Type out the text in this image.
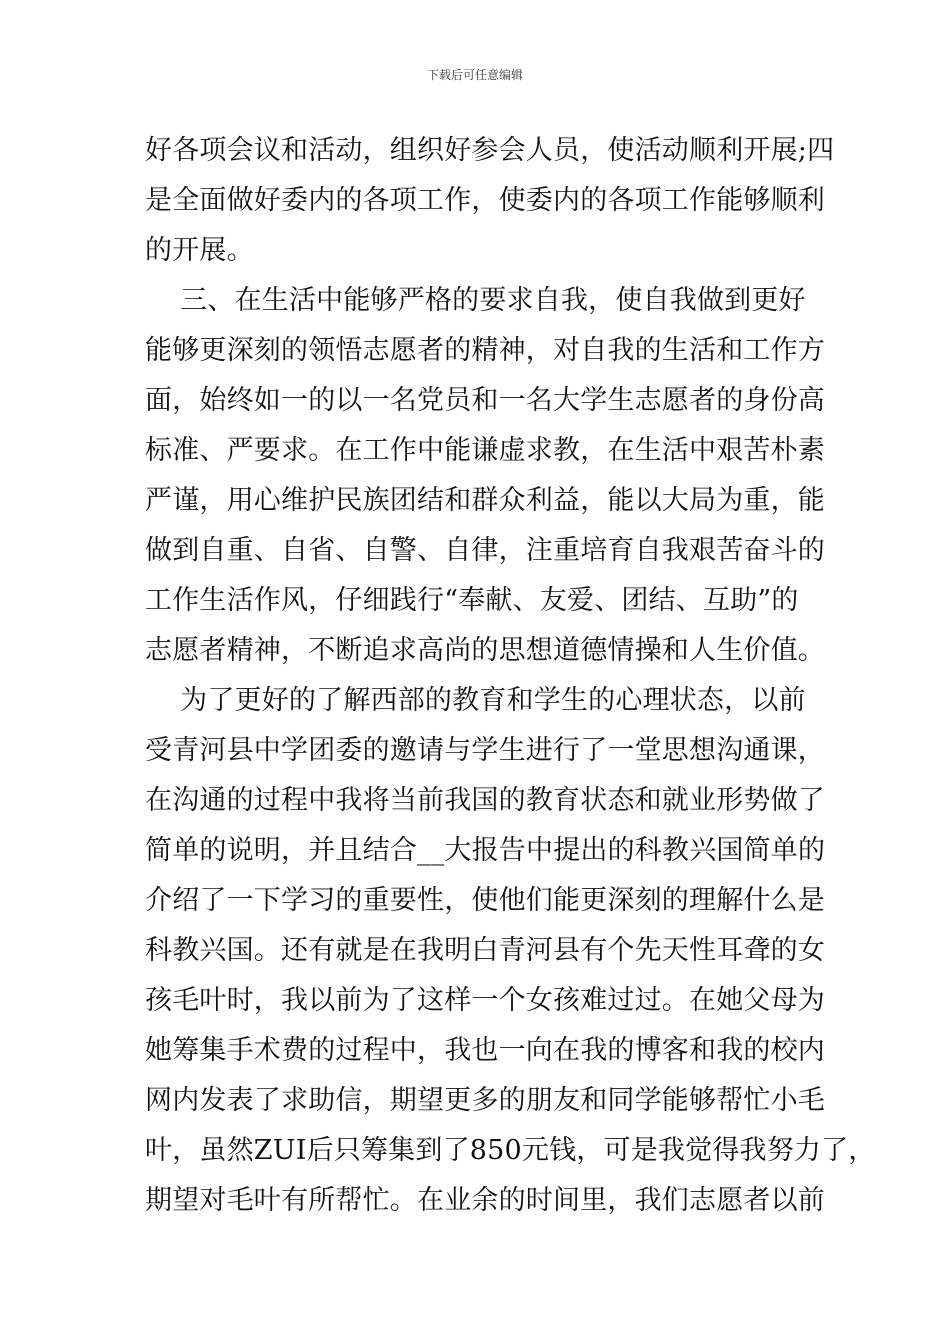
下载后可任意编辑
好各项会议和活动，组织好参会人员，使活动顺利开展;四
是全面做好委内的各项工作，使委内的各项工作能够顺利
的开展。
三、在生活中能够严格的要求自我，使自我做到更好
能够更深刻的领悟志愿者的精神，对自我的生活和工作方
面，始终如一的以一名党员和一名大学生志愿者的身份高
标准、严要求。在工作中能谦虚求教，在生活中艰苦朴素
严谨，用心维护民族团结和群众利益，能以大局为重，能
做到自重、自省、自警、自律，注重培育自我艰苦奋斗的
工作生活作风，仔细践行“奉献、友爱、团结、互助”的
志愿者精神，不断追求高尚的思想道德情操和人生价值。
为了更好的了解西部的教育和学生的心理状态，以前
受青河县中学团委的邀请与学生进行了一堂思想沟通课，
在沟通的过程中我将当前我国的教育状态和就业形势做了
简单的说明，并且结合__大报告中提出的科教兴国简单的
介绍了一下学习的重要性，使他们能更深刻的理解什么是
科教兴国。还有就是在我明白青河县有个先天性耳聋的女
孩毛叶时，我以前为了这样一个女孩难过过。在她父母为
她筹集手术费的过程中，我也一向在我的博客和我的校内
网内发表了求助信，期望更多的朋友和同学能够帮忙小毛
叶，虽然ZUI后只筹集到了850元钱，可是我觉得我努力了，
期望对毛叶有所帮忙。在业余的时间里，我们志愿者以前
